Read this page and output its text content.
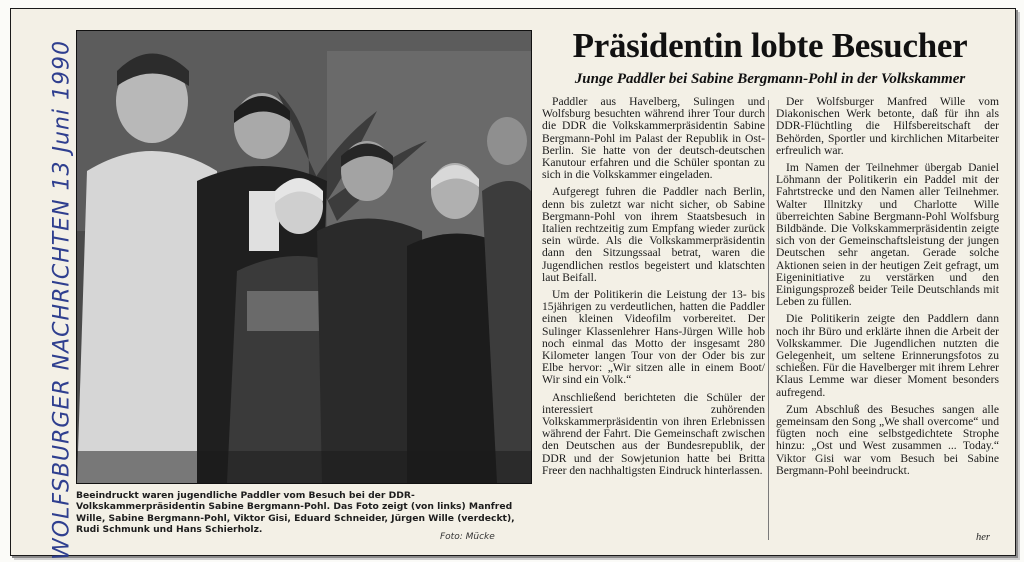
WOLFSBURGER NACHRICHTEN 13 Juni 1990 Beeindruckt waren jugendliche Paddler vom Besuch bei der DDR-Volkskammerpräsidentin Sabine Bergmann-Pohl. Das Foto zeigt (von links) Manfred Wille, Sabine Bergmann-Pohl, Viktor Gisi, Eduard Schneider, Jürgen Wille (verdeckt), Rudi Schmunk und Hans Schierholz.
Foto: Mücke
Präsidentin lobte Besucher
Junge Paddler bei Sabine Bergmann-Pohl in der Volkskammer

Paddler aus Havelberg, Sulingen und Wolfsburg besuchten während ihrer Tour durch die DDR die Volkskammerpräsidentin Sabine Bergmann-Pohl im Palast der Republik in Ost-Berlin. Sie hatte von der deutsch-deutschen Kanutour erfahren und die Schüler spontan zu sich in die Volkskammer eingeladen.

Aufgeregt fuhren die Paddler nach Berlin, denn bis zuletzt war nicht sicher, ob Sabine Bergmann-Pohl von ihrem Staatsbesuch in Italien rechtzeitig zum Empfang wieder zurück sein würde. Als die Volkskammerpräsidentin dann den Sitzungssaal betrat, waren die Jugendlichen restlos begeistert und klatschten laut Beifall.

Um der Politikerin die Leistung der 13- bis 15jährigen zu verdeutlichen, hatten die Paddler einen kleinen Videofilm vorbereitet. Der Sulinger Klassenlehrer Hans-Jürgen Wille hob noch einmal das Motto der insgesamt 280 Kilometer langen Tour von der Oder bis zur Elbe hervor: „Wir sitzen alle in einem Boot/ Wir sind ein Volk.“

Anschließend berichteten die Schüler der interessiert zuhörenden Volkskammerpräsidentin von ihren Erlebnissen während der Fahrt. Die Gemeinschaft zwischen den Deutschen aus der Bundesrepublik, der DDR und der Sowjetunion hatte bei Britta Freer den nachhaltigsten Eindruck hinterlassen.

Der Wolfsburger Manfred Wille vom Diakonischen Werk betonte, daß für ihn als DDR-Flüchtling die Hilfsbereitschaft der Behörden, Sportler und kirchlichen Mitarbeiter erfreulich war.

Im Namen der Teilnehmer übergab Daniel Löhmann der Politikerin ein Paddel mit der Fahrtstrecke und den Namen aller Teilnehmer. Walter Illnitzky und Charlotte Wille überreichten Sabine Bergmann-Pohl Wolfsburg Bildbände. Die Volkskammerpräsidentin zeigte sich von der Gemeinschaftsleistung der jungen Deutschen sehr angetan. Gerade solche Aktionen seien in der heutigen Zeit gefragt, um Eigeninitiative zu verstärken und den Einigungsprozeß beider Teile Deutschlands mit Leben zu füllen.

Die Politikerin zeigte den Paddlern dann noch ihr Büro und erklärte ihnen die Arbeit der Volkskammer. Die Jugendlichen nutzten die Gelegenheit, um seltene Erinnerungsfotos zu schießen. Für die Havelberger mit ihrem Lehrer Klaus Lemme war dieser Moment besonders aufregend.

Zum Abschluß des Besuches sangen alle gemeinsam den Song „We shall overcome“ und fügten noch eine selbstgedichtete Strophe hinzu: „Ost und West zusammen ... Today.“ Viktor Gisi war vom Besuch bei Sabine Bergmann-Pohl beeindruckt.

her
